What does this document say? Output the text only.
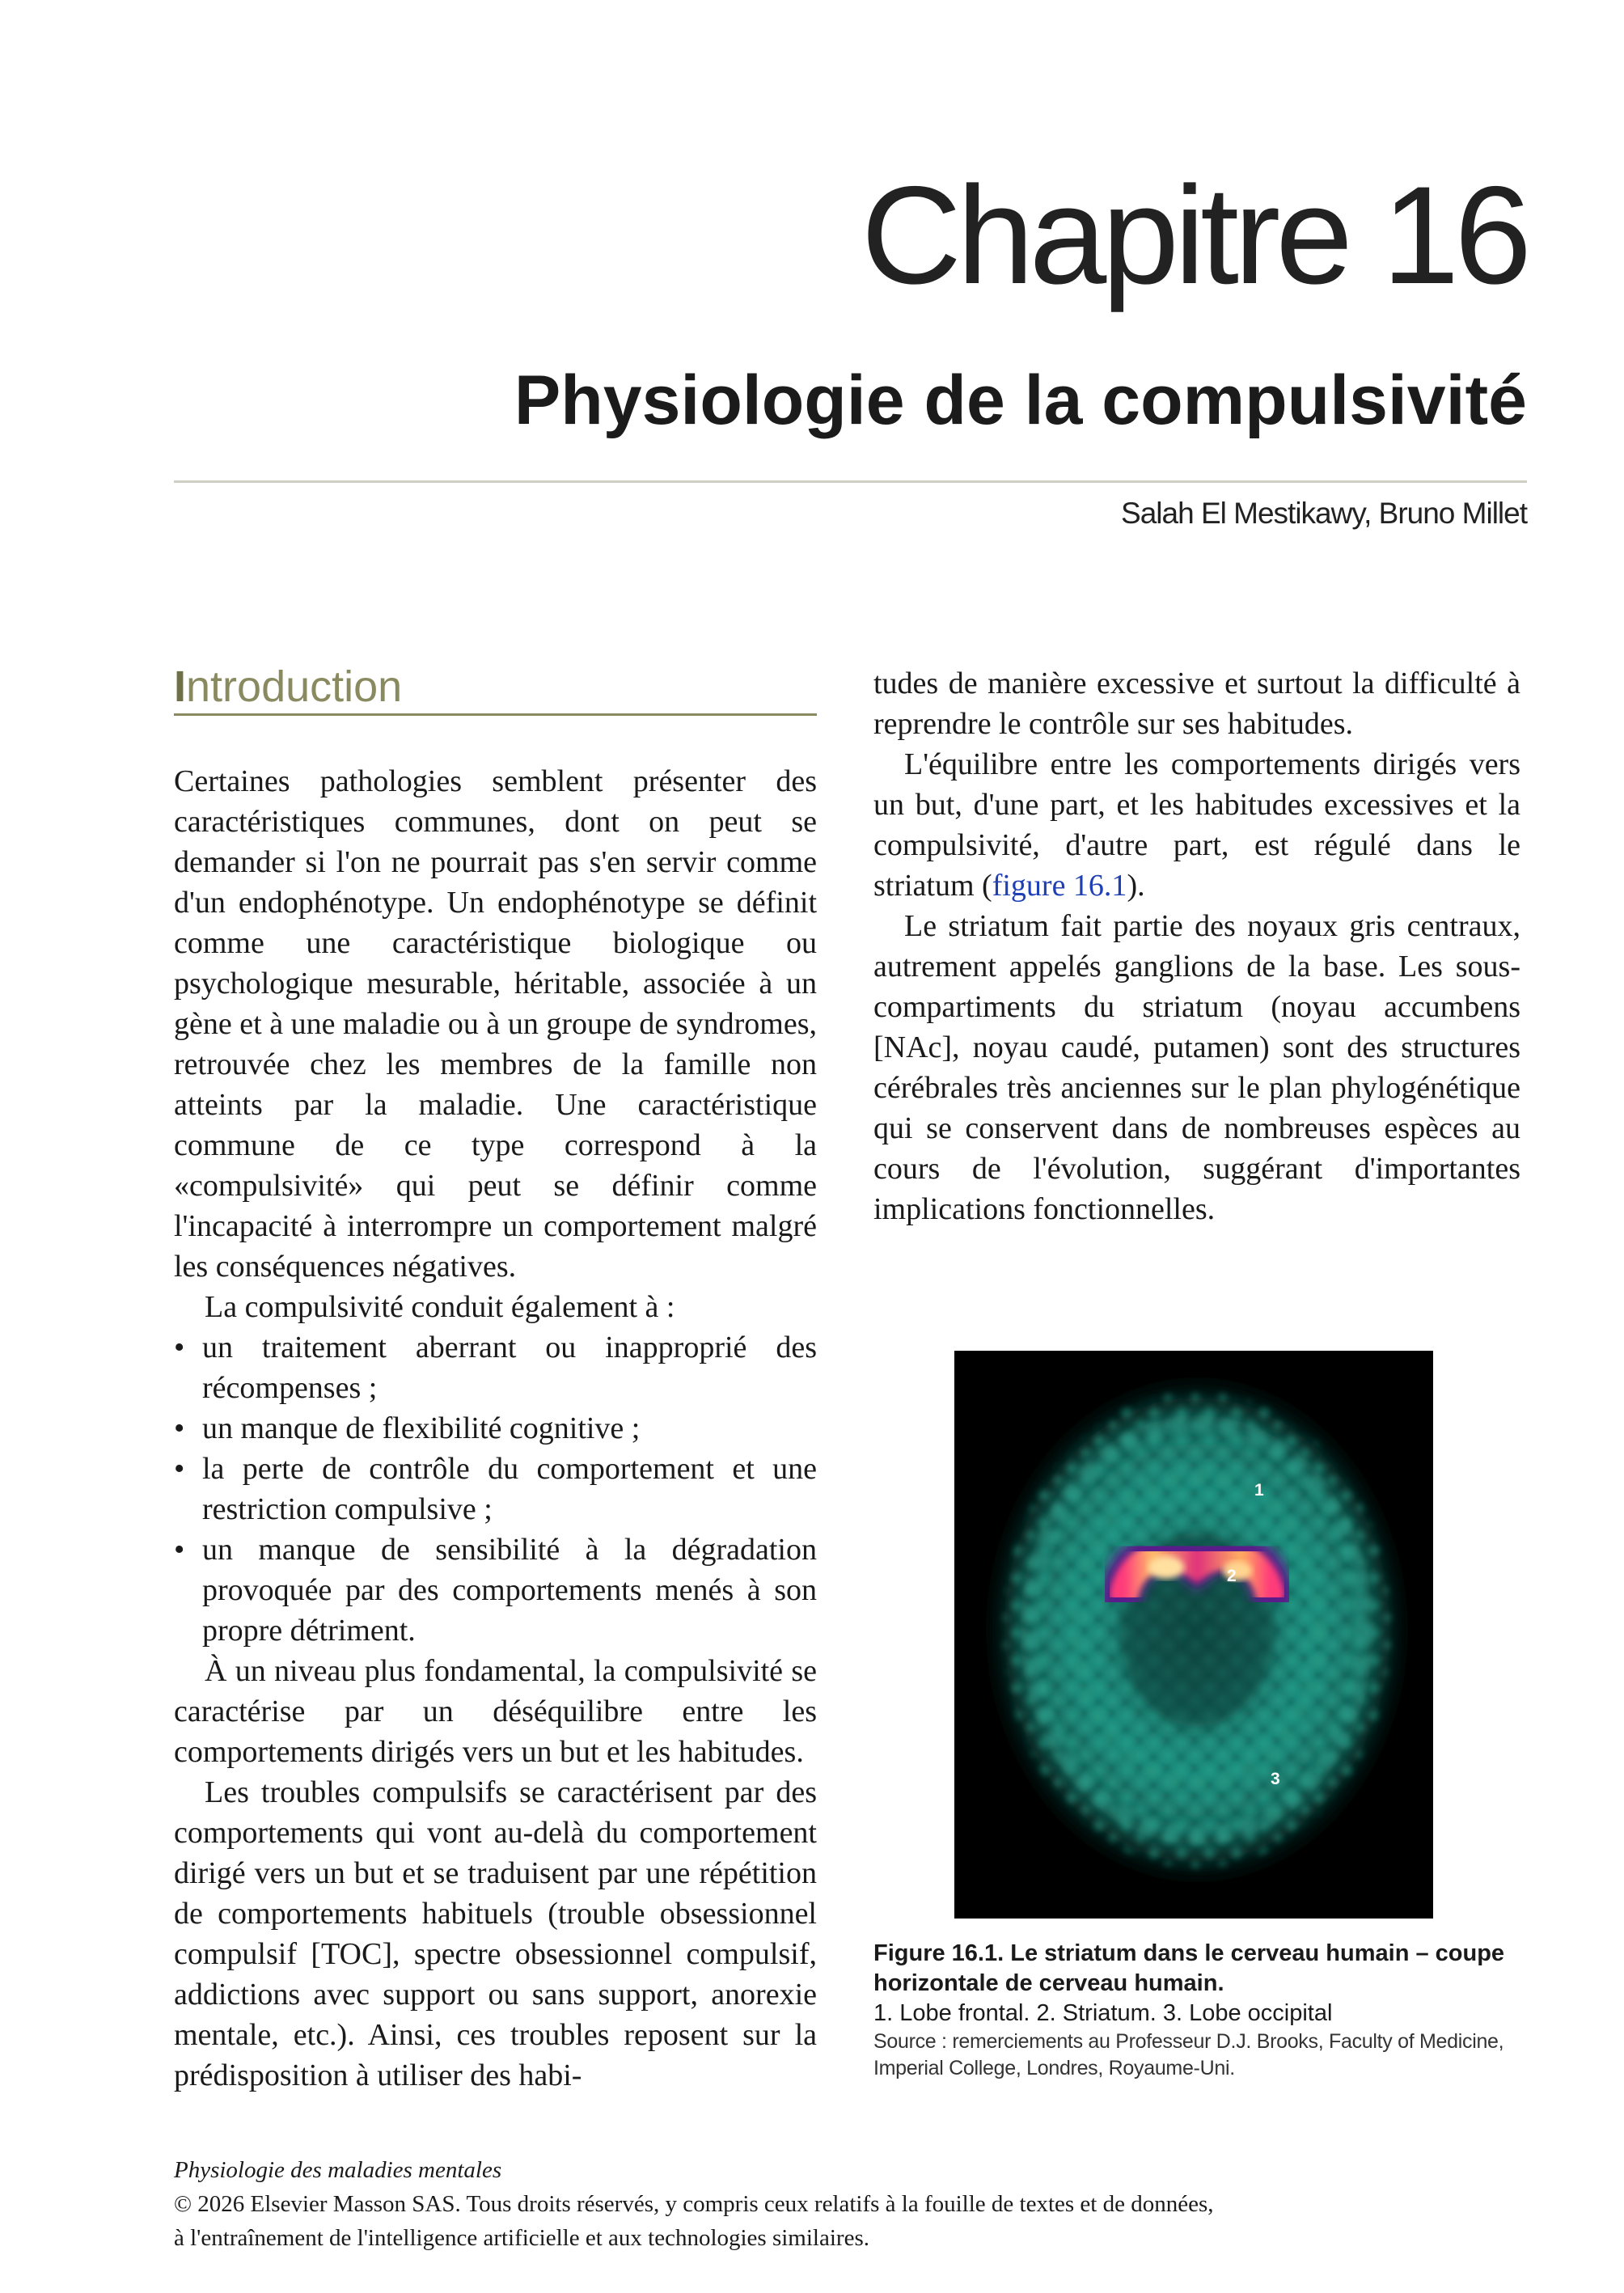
Chapitre 16
Physiologie de la compulsivité
Salah El Mestikawy, Bruno Millet
Introduction

Certaines pathologies semblent présenter des caractéristiques communes, dont on peut se demander si l'on ne pourrait pas s'en servir comme d'un endophénotype. Un endophénotype se définit comme une caractéristique biologique ou psychologique mesurable, héritable, associée à un gène et à une maladie ou à un groupe de syndromes, retrouvée chez les membres de la famille non atteints par la maladie. Une caractéristique commune de ce type correspond à la «compulsivité» qui peut se définir comme l'incapacité à interrompre un comportement malgré les conséquences négatives.

La compulsivité conduit également à :

• un traitement aberrant ou inapproprié des récompenses ;
• un manque de flexibilité cognitive ;
• la perte de contrôle du comportement et une restriction compulsive ;
• un manque de sensibilité à la dégradation provoquée par des comportements menés à son propre détriment.

À un niveau plus fondamental, la compulsivité se caractérise par un déséquilibre entre les comportements dirigés vers un but et les habitudes.

Les troubles compulsifs se caractérisent par des comportements qui vont au-delà du comportement dirigé vers un but et se traduisent par une répétition de comportements habituels (trouble obsessionnel compulsif [TOC], spectre obsessionnel compulsif, addictions avec support ou sans support, anorexie mentale, etc.). Ainsi, ces troubles reposent sur la prédisposition à utiliser des habi-

tudes de manière excessive et surtout la difficulté à reprendre le contrôle sur ses habitudes.

L'équilibre entre les comportements dirigés vers un but, d'une part, et les habitudes excessives et la compulsivité, d'autre part, est régulé dans le striatum (figure 16.1).

Le striatum fait partie des noyaux gris centraux, autrement appelés ganglions de la base. Les sous-compartiments du striatum (noyau accumbens [NAc], noyau caudé, putamen) sont des structures cérébrales très anciennes sur le plan phylogénétique qui se conservent dans de nombreuses espèces au cours de l'évolution, suggérant d'importantes implications fonctionnelles.

1
2
3
Figure 16.1. Le striatum dans le cerveau humain – coupe horizontale de cerveau humain.
1. Lobe frontal. 2. Striatum. 3. Lobe occipital
Source : remerciements au Professeur D.J. Brooks, Faculty of Medicine, Imperial College, Londres, Royaume-Uni.
Physiologie des maladies mentales
© 2026 Elsevier Masson SAS. Tous droits réservés, y compris ceux relatifs à la fouille de textes et de données,
à l'entraînement de l'intelligence artificielle et aux technologies similaires.
